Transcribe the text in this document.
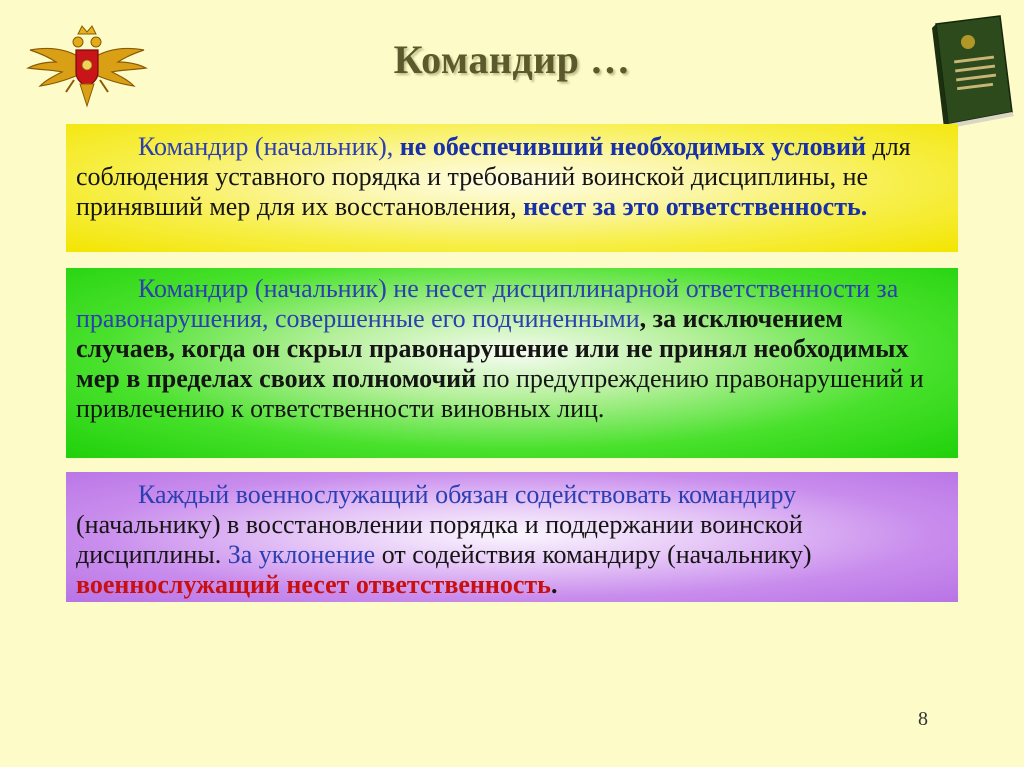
Командир …

Командир (начальник), не обеспечивший необходимых условий для соблюдения уставного порядка и требований воинской дисциплины, не принявший мер для их восстановления, несет за это ответственность.

Командир (начальник) не несет дисциплинарной ответственности за правонарушения, совершенные его подчиненными, за исключением случаев, когда он скрыл правонарушение или не принял необходимых мер в пределах своих полномочий по предупреждению правонарушений и привлечению к ответственности виновных лиц.

Каждый военнослужащий обязан содействовать командиру (начальнику) в восстановлении порядка и поддержании воинской дисциплины. За уклонение от содействия командиру (начальнику) военнослужащий несет ответственность.

8
